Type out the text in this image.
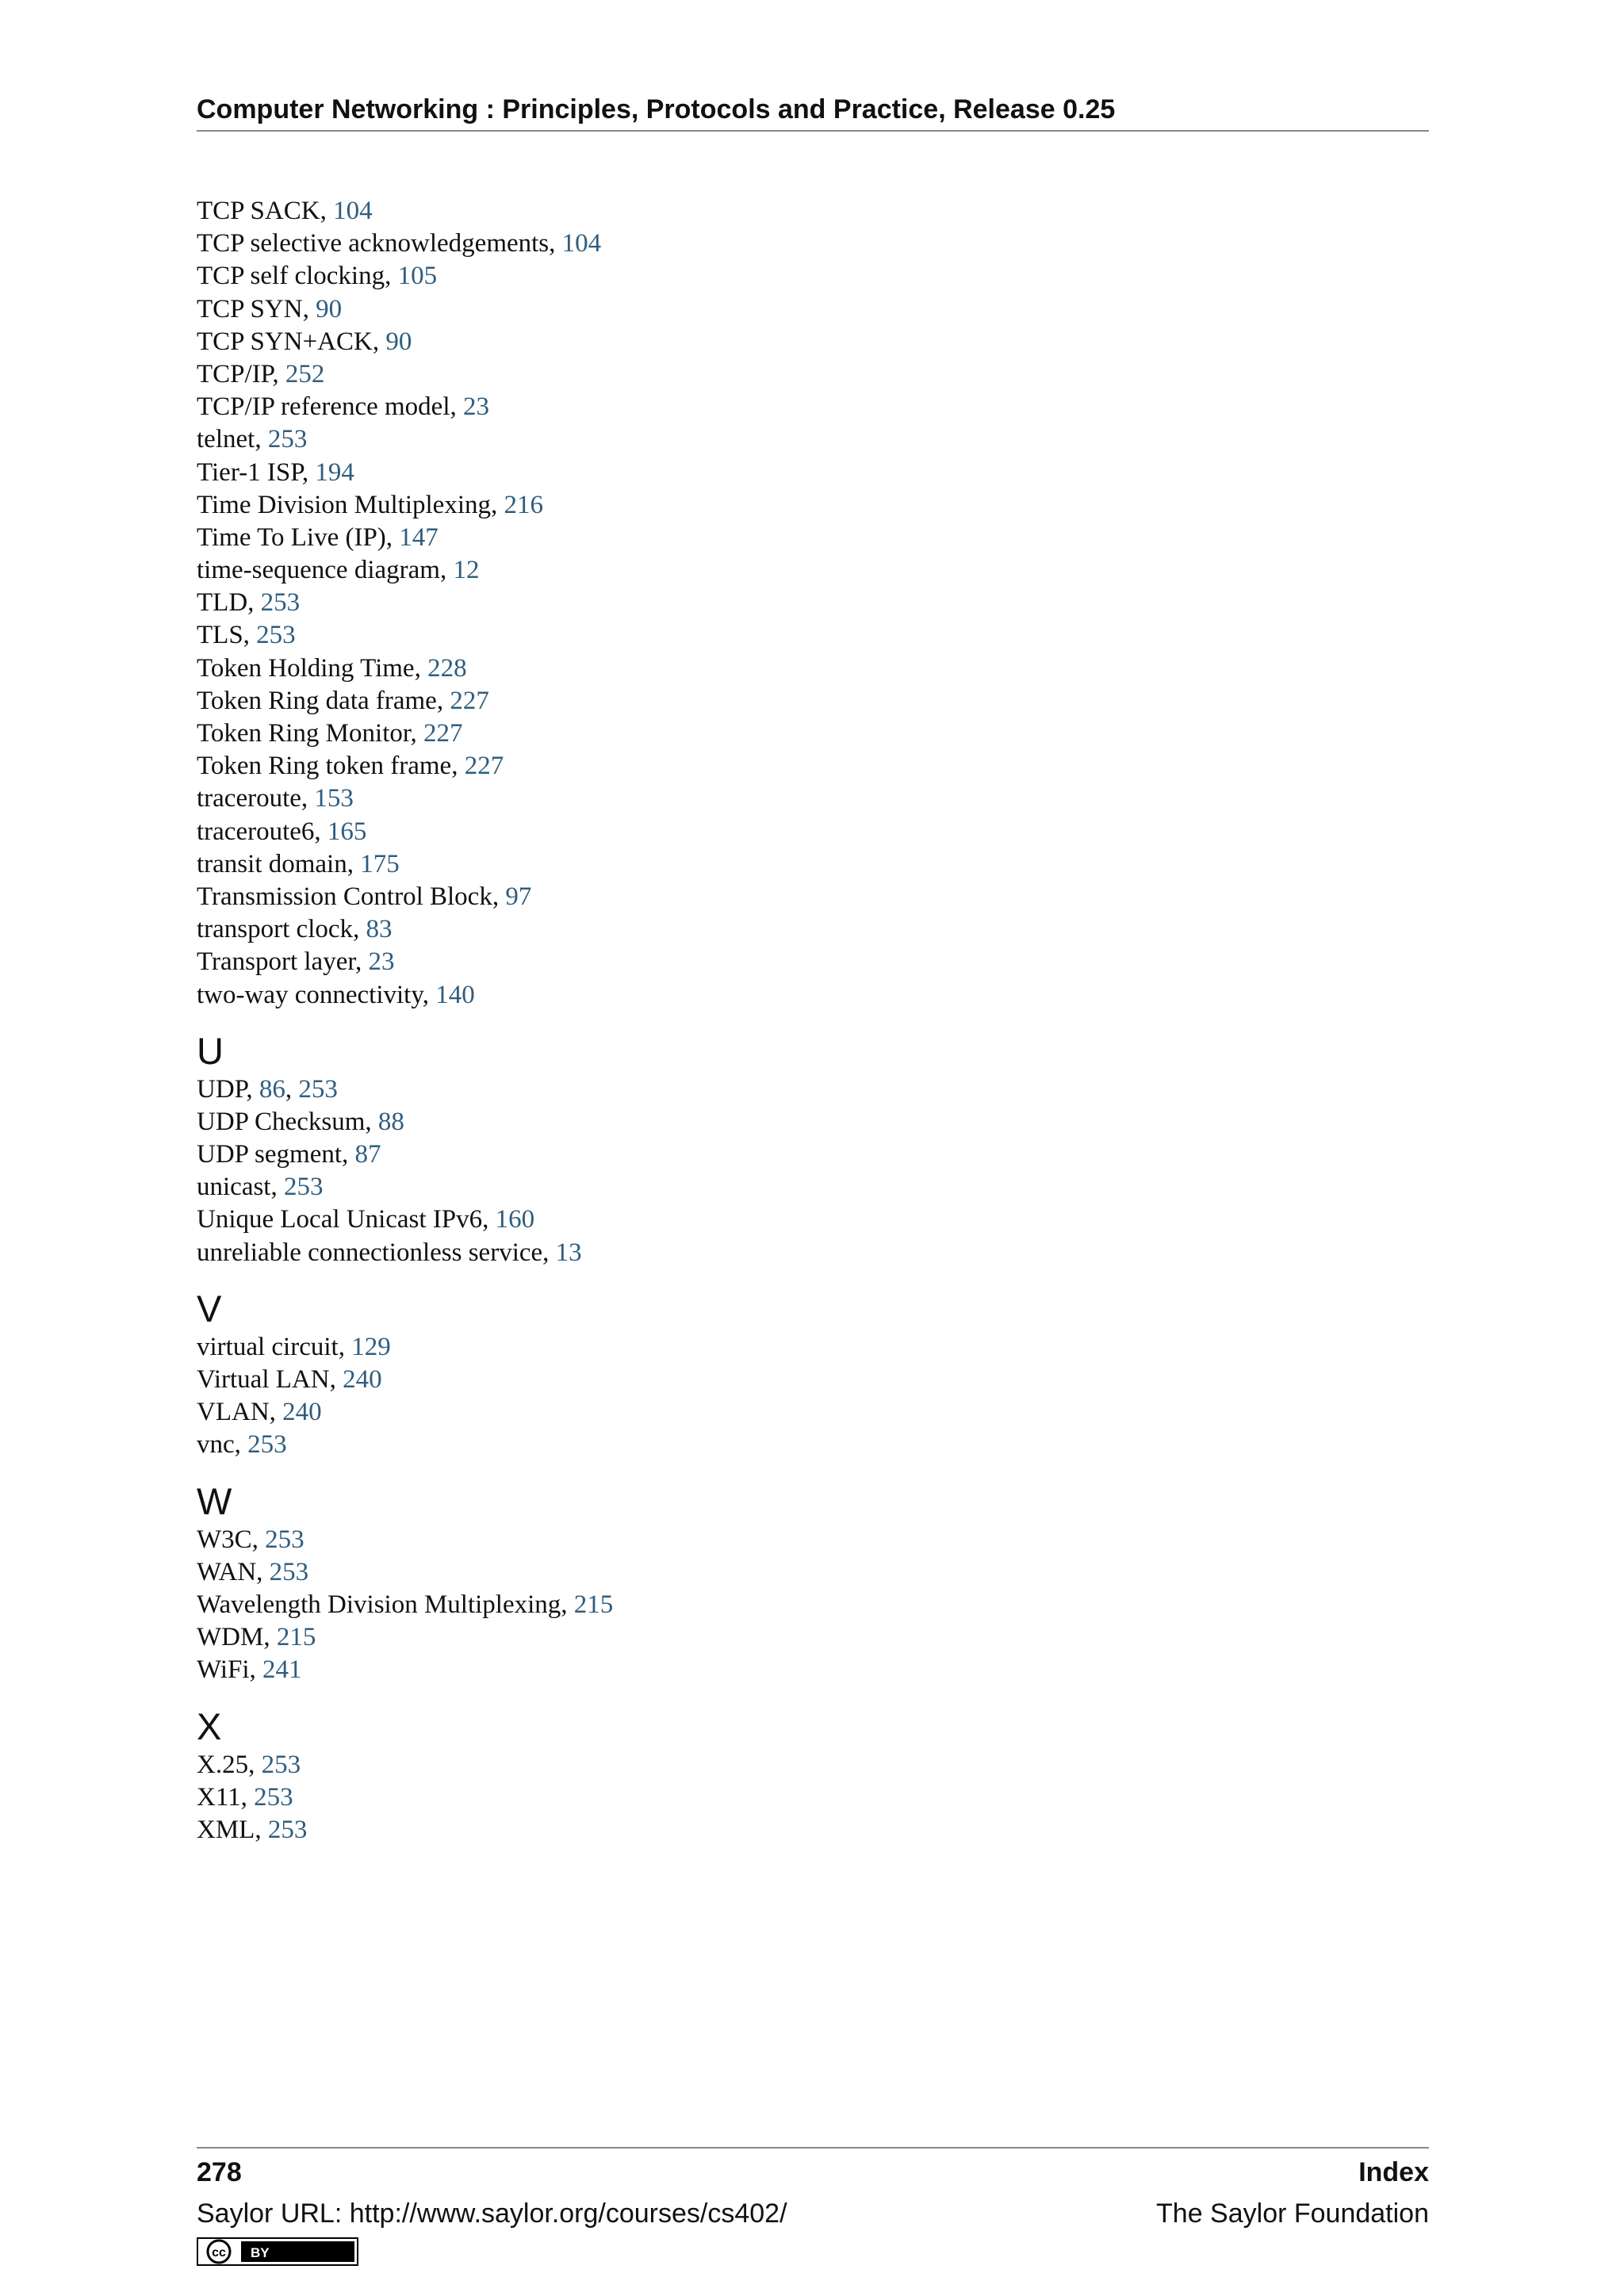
Computer Networking : Principles, Protocols and Practice, Release 0.25
TCP SACK, 104
TCP selective acknowledgements, 104
TCP self clocking, 105
TCP SYN, 90
TCP SYN+ACK, 90
TCP/IP, 252
TCP/IP reference model, 23
telnet, 253
Tier-1 ISP, 194
Time Division Multiplexing, 216
Time To Live (IP), 147
time-sequence diagram, 12
TLD, 253
TLS, 253
Token Holding Time, 228
Token Ring data frame, 227
Token Ring Monitor, 227
Token Ring token frame, 227
traceroute, 153
traceroute6, 165
transit domain, 175
Transmission Control Block, 97
transport clock, 83
Transport layer, 23
two-way connectivity, 140
U
UDP, 86, 253
UDP Checksum, 88
UDP segment, 87
unicast, 253
Unique Local Unicast IPv6, 160
unreliable connectionless service, 13
V
virtual circuit, 129
Virtual LAN, 240
VLAN, 240
vnc, 253
W
W3C, 253
WAN, 253
Wavelength Division Multiplexing, 215
WDM, 215
WiFi, 241
X
X.25, 253
X11, 253
XML, 253
278	Index
Saylor URL: http://www.saylor.org/courses/cs402/	The Saylor Foundation
cc BY
